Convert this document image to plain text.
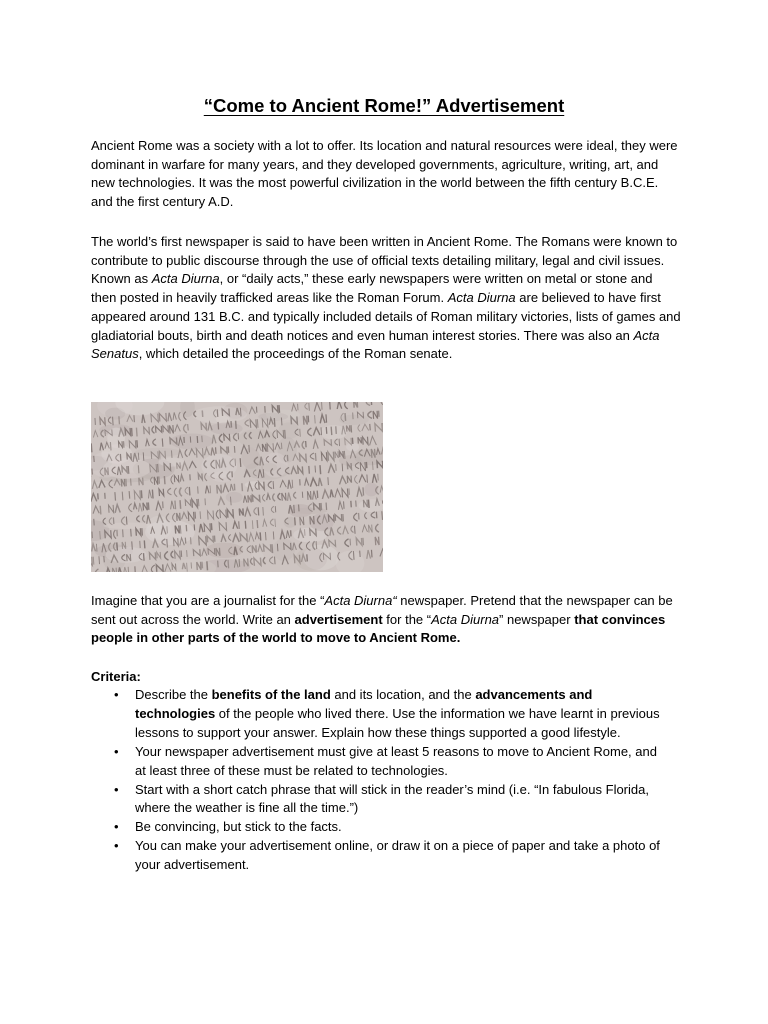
“Come to Ancient Rome!” Advertisement

Ancient Rome was a society with a lot to offer. Its location and natural resources were ideal, they were dominant in warfare for many years, and they developed governments, agriculture, writing, art, and new technologies. It was the most powerful civilization in the world between the fifth century B.C.E. and the first century A.D.

The world’s first newspaper is said to have been written in Ancient Rome. The Romans were known to contribute to public discourse through the use of official texts detailing military, legal and civil issues. Known as Acta Diurna, or “daily acts,” these early newspapers were written on metal or stone and then posted in heavily trafficked areas like the Roman Forum. Acta Diurna are believed to have first appeared around 131 B.C. and typically included details of Roman military victories, lists of games and gladiatorial bouts, birth and death notices and even human interest stories. There was also an Acta Senatus, which detailed the proceedings of the Roman senate.

Imagine that you are a journalist for the “Acta Diurna“ newspaper. Pretend that the newspaper can be sent out across the world. Write an advertisement for the “Acta Diurna” newspaper that convinces people in other parts of the world to move to Ancient Rome.

Criteria:

• Describe the benefits of the land and its location, and the advancements and technologies of the people who lived there. Use the information we have learnt in previous lessons to support your answer. Explain how these things supported a good lifestyle.
• Your newspaper advertisement must give at least 5 reasons to move to Ancient Rome, and at least three of these must be related to technologies.
• Start with a short catch phrase that will stick in the reader’s mind (i.e. “In fabulous Florida, where the weather is fine all the time.”)
• Be convincing, but stick to the facts.
• You can make your advertisement online, or draw it on a piece of paper and take a photo of your advertisement.
